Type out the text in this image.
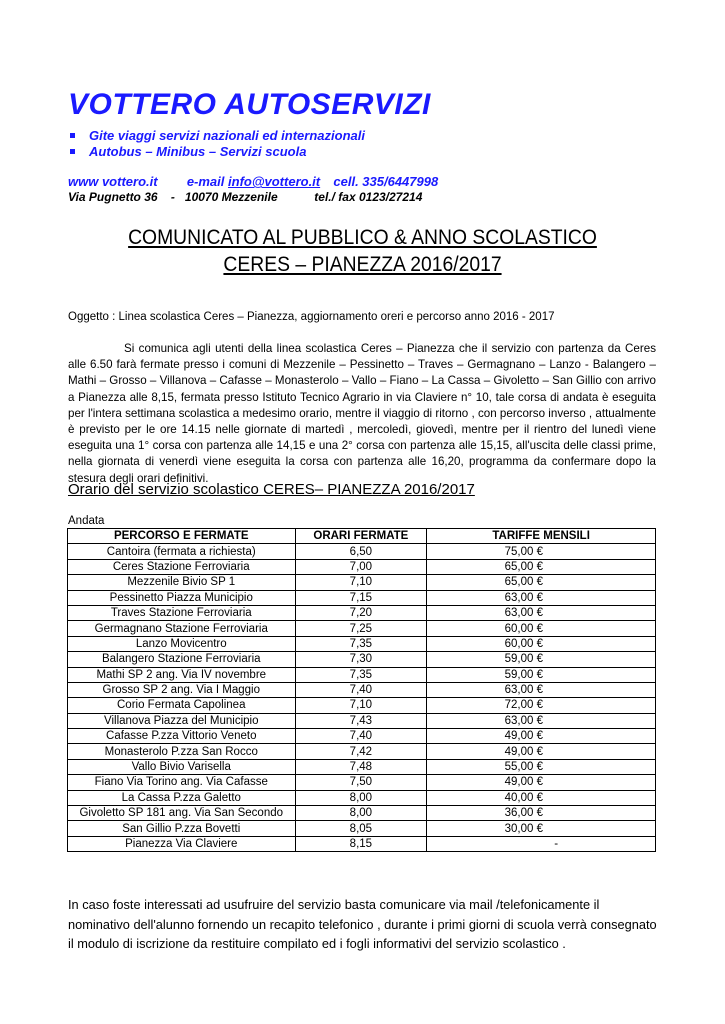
VOTTERO AUTOSERVIZI
Gite viaggi servizi nazionali ed internazionali
Autobus – Minibus – Servizi scuola
www vottero.it e-mail info@vottero.it cell. 335/6447998
Via Pugnetto 36    -   10070 Mezzenile           tel./ fax 0123/27214
COMUNICATO AL PUBBLICO & ANNO SCOLASTICO
CERES – PIANEZZA 2016/2017
Oggetto : Linea scolastica Ceres – Pianezza, aggiornamento oreri e percorso anno 2016 - 2017

Si comunica agli utenti della linea scolastica Ceres – Pianezza che il servizio con partenza da Ceres alle 6.50 farà fermate presso i comuni di Mezzenile – Pessinetto – Traves – Germagnano – Lanzo - Balangero – Mathi – Grosso – Villanova – Cafasse – Monasterolo – Vallo – Fiano – La Cassa – Givoletto – San Gillio con arrivo a Pianezza alle 8,15, fermata presso Istituto Tecnico Agrario in via Claviere n° 10, tale corsa di andata è eseguita per l'intera settimana scolastica a medesimo orario, mentre il viaggio di ritorno , con percorso inverso , attualmente è previsto per le ore 14.15 nelle giornate di martedì , mercoledì, giovedì, mentre per il rientro del lunedì viene eseguita una 1° corsa con partenza alle 14,15 e una 2° corsa con partenza alle 15,15, all'uscita delle classi prime, nella giornata di venerdì viene eseguita la corsa con partenza alle 16,20, programma da confermare dopo la stesura degli orari definitivi.

Orario del servizio scolastico CERES– PIANEZZA 2016/2017
Andata
PERCORSO E FERMATE	ORARI FERMATE	TARIFFE MENSILI
Cantoira (fermata a richiesta)	6,50	75,00 €
Ceres Stazione Ferroviaria	7,00	65,00 €
Mezzenile Bivio SP 1	7,10	65,00 €
Pessinetto Piazza Municipio	7,15	63,00 €
Traves Stazione Ferroviaria	7,20	63,00 €
Germagnano Stazione Ferroviaria	7,25	60,00 €
Lanzo Movicentro	7,35	60,00 €
Balangero Stazione Ferroviaria	7,30	59,00 €
Mathi SP 2 ang. Via IV novembre	7,35	59,00 €
Grosso SP 2 ang. Via I Maggio	7,40	63,00 €
Corio Fermata Capolinea	7,10	72,00 €
Villanova Piazza del Municipio	7,43	63,00 €
Cafasse P.zza Vittorio Veneto	7,40	49,00 €
Monasterolo P.zza San Rocco	7,42	49,00 €
Vallo Bivio Varisella	7,48	55,00 €
Fiano Via Torino ang. Via Cafasse	7,50	49,00 €
La Cassa P.zza Galetto	8,00	40,00 €
Givoletto SP 181 ang. Via San Secondo	8,00	36,00 €
San Gillio P.zza Bovetti	8,05	30,00 €
Pianezza Via Claviere	8,15	-
In caso foste interessati ad usufruire del servizio basta comunicare via mail /telefonicamente il nominativo dell'alunno fornendo un recapito telefonico , durante i primi giorni di scuola verrà consegnato il modulo di iscrizione da restituire compilato ed i fogli informativi del servizio scolastico .
